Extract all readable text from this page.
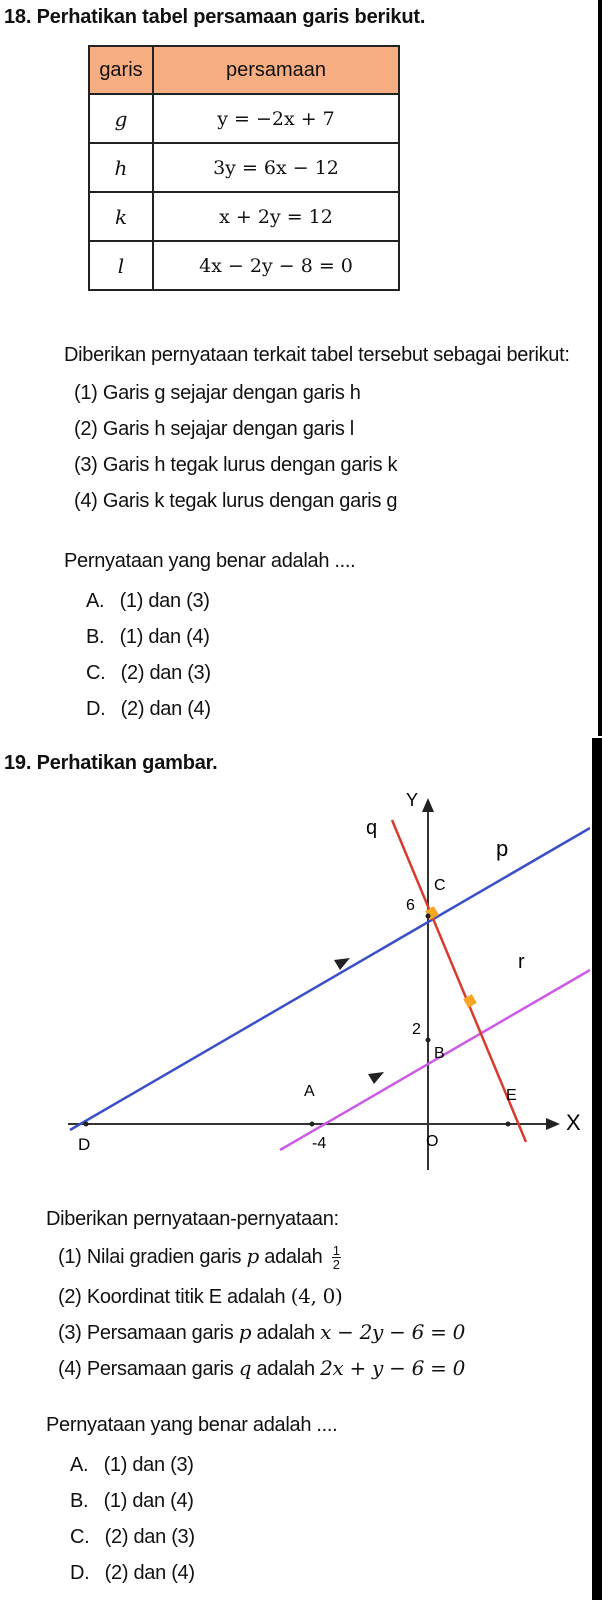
18. Perhatikan tabel persamaan garis berikut.
garis	persamaan
g	y = −2x + 7
h	3y = 6x − 12
k	x + 2y = 12
l	4x − 2y − 8 = 0
Diberikan pernyataan terkait tabel tersebut sebagai berikut:
(1) Garis g sejajar dengan garis h
(2) Garis h sejajar dengan garis l
(3) Garis h tegak lurus dengan garis k
(4) Garis k tegak lurus dengan garis g
Pernyataan yang benar adalah ....
A. (1) dan (3)
B. (1) dan (4)
C. (2) dan (3)
D. (2) dan (4)
19. Perhatikan gambar.
Y
X
q
p
r
C
6
2
B
A
D
E
-4	O
Diberikan pernyataan-pernyataan:
(1) Nilai gradien garis p adalah $\frac{1}{2}$
(2) Koordinat titik E adalah (4, 0)
(3) Persamaan garis p adalah x − 2y − 6 = 0
(4) Persamaan garis q adalah 2x + y − 6 = 0
Pernyataan yang benar adalah ....
A. (1) dan (3)
B. (1) dan (4)
C. (2) dan (3)
D. (2) dan (4)
